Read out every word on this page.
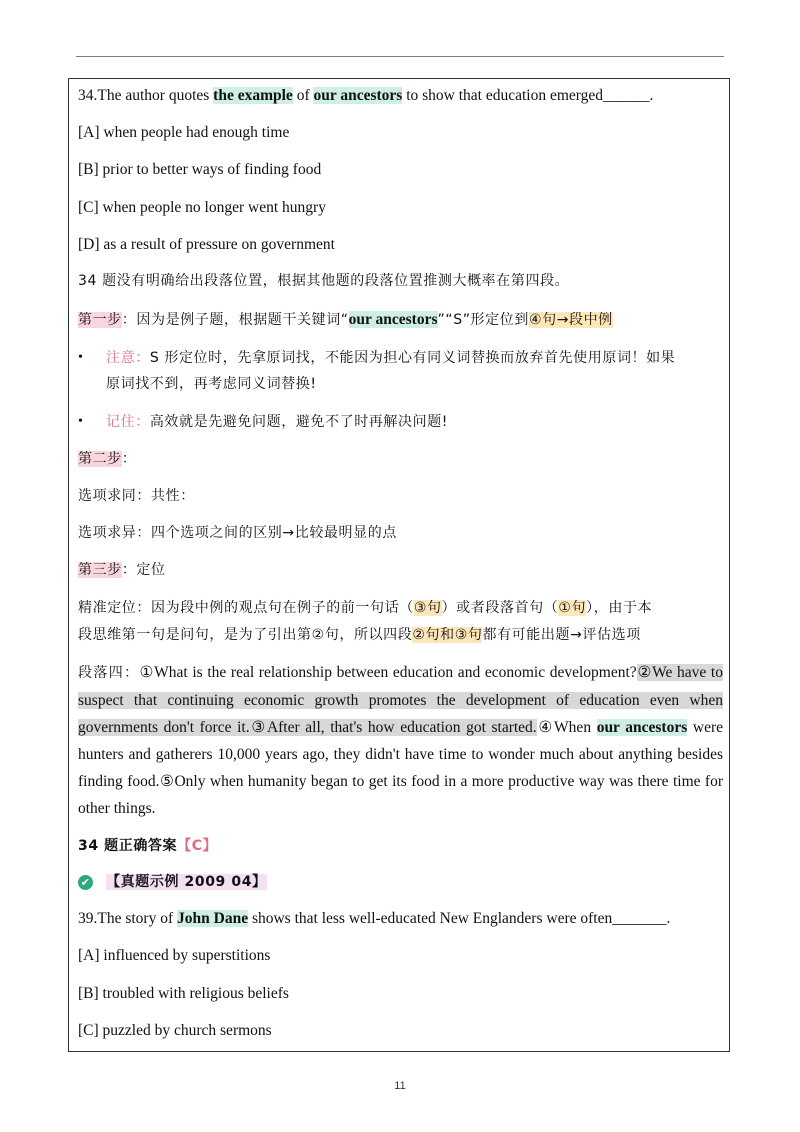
34.The author quotes the example of our ancestors to show that education emerged______.
[A] when people had enough time
[B] prior to better ways of finding food
[C] when people no longer went hungry
[D] as a result of pressure on government
34 题没有明确给出段落位置，根据其他题的段落位置推测大概率在第四段。
第一步：因为是例子题，根据题干关键词“our ancestors”“S”形定位到④句→段中例
• 注意：S 形定位时，先拿原词找，不能因为担心有同义词替换而放弃首先使用原词！如果
原词找不到，再考虑同义词替换!
• 记住：高效就是先避免问题，避免不了时再解决问题!
第二步：
选项求同：共性：
选项求异：四个选项之间的区别→比较最明显的点
第三步：定位
精准定位：因为段中例的观点句在例子的前一句话（③句）或者段落首句（①句），由于本
段思维第一句是问句，是为了引出第②句，所以四段②句和③句都有可能出题→评估选项
段落四：①What is the real relationship between education and economic development?②We have to suspect that continuing economic growth promotes the development of education even when governments don't force it.③After all, that's how education got started.④When our ancestors were hunters and gatherers 10,000 years ago, they didn't have time to wonder much about anything besides finding food.⑤Only when humanity began to get its food in a more productive way was there time for other things.
34 题正确答案【C】
✔ 【真题示例 2009 04】
39.The story of John Dane shows that less well-educated New Englanders were often_______.
[A] influenced by superstitions
[B] troubled with religious beliefs
[C] puzzled by church sermons
11
